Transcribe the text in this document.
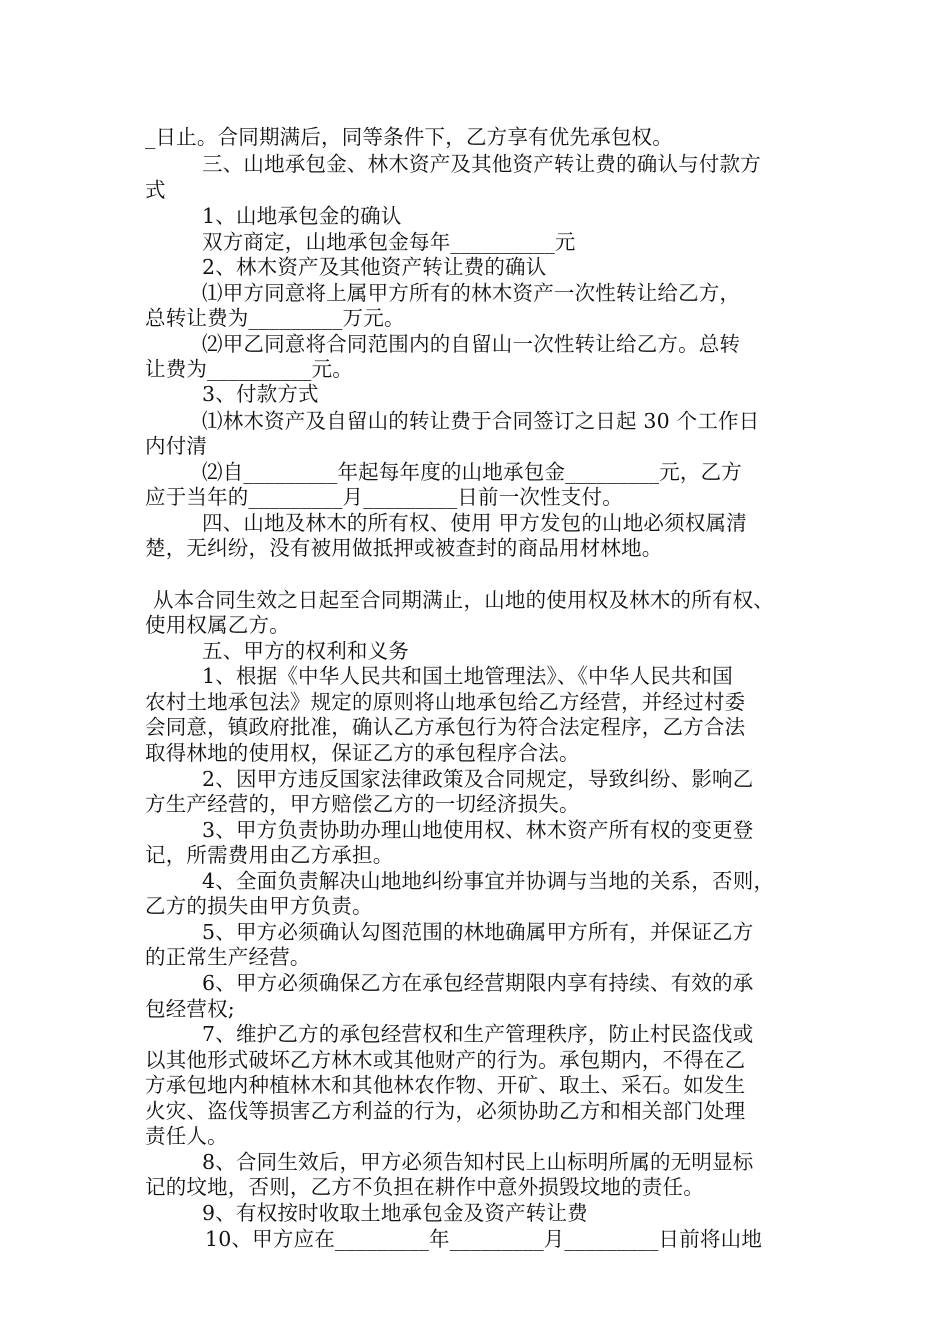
_日止。合同期满后，同等条件下，乙方享有优先承包权。
三、山地承包金、林木资产及其他资产转让费的确认与付款方
式
1、山地承包金的确认
双方商定，山地承包金每年__________元
2、林木资产及其他资产转让费的确认
⑴甲方同意将上属甲方所有的林木资产一次性转让给乙方，
总转让费为_________万元。
⑵甲乙同意将合同范围内的自留山一次性转让给乙方。总转
让费为__________元。
3、付款方式
⑴林木资产及自留山的转让费于合同签订之日起 30 个工作日
内付清
⑵自_________年起每年度的山地承包金_________元，乙方
应于当年的_________月_________日前一次性支付。
四、山地及林木的所有权、使用 甲方发包的山地必须权属清
楚，无纠纷，没有被用做抵押或被查封的商品用材林地。
从本合同生效之日起至合同期满止，山地的使用权及林木的所有权、
使用权属乙方。
五、甲方的权利和义务
1、根据《中华人民共和国土地管理法》、《中华人民共和国
农村土地承包法》规定的原则将山地承包给乙方经营，并经过村委
会同意，镇政府批准，确认乙方承包行为符合法定程序，乙方合法
取得林地的使用权，保证乙方的承包程序合法。
2、因甲方违反国家法律政策及合同规定，导致纠纷、影响乙
方生产经营的，甲方赔偿乙方的一切经济损失。
3、甲方负责协助办理山地使用权、林木资产所有权的变更登
记，所需费用由乙方承担。
4、全面负责解决山地地纠纷事宜并协调与当地的关系，否则，
乙方的损失由甲方负责。
5、甲方必须确认勾图范围的林地确属甲方所有，并保证乙方
的正常生产经营。
6、甲方必须确保乙方在承包经营期限内享有持续、有效的承
包经营权;
7、维护乙方的承包经营权和生产管理秩序，防止村民盗伐或
以其他形式破坏乙方林木或其他财产的行为。承包期内，不得在乙
方承包地内种植林木和其他林农作物、开矿、取土、采石。如发生
火灾、盗伐等损害乙方利益的行为，必须协助乙方和相关部门处理
责任人。
8、合同生效后，甲方必须告知村民上山标明所属的无明显标
记的坟地，否则，乙方不负担在耕作中意外损毁坟地的责任。
9、有权按时收取土地承包金及资产转让费
10、甲方应在_________年_________月_________日前将山地
